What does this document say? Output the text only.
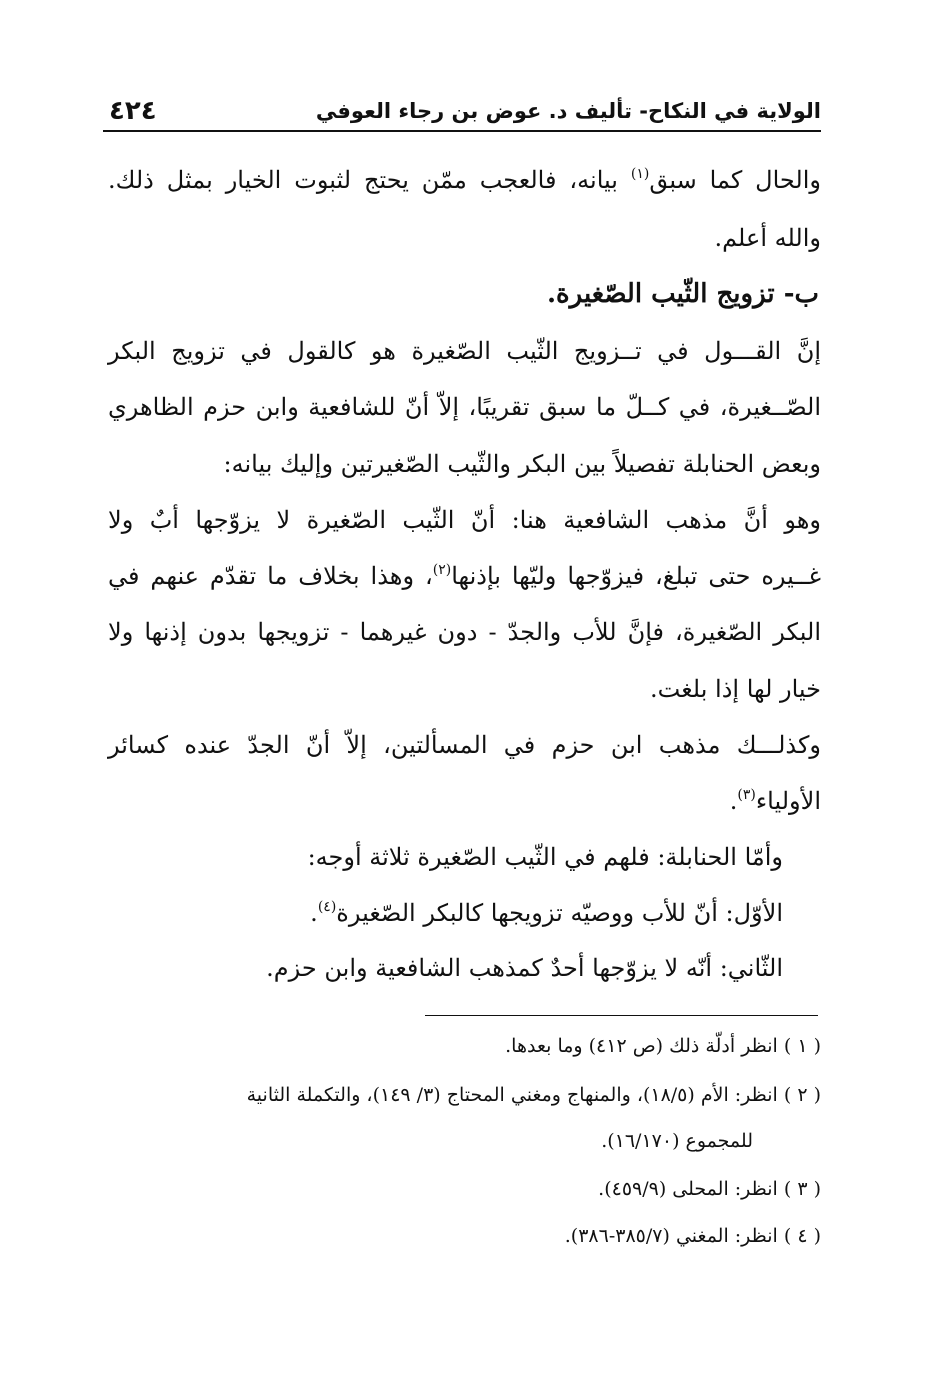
الولاية في النكاح- تأليف د. عوض بن رجاء العوفي
٤٢٤
والحال كما سبق$^{(١)}$ بيانه، فالعجب ممّن يحتج لثبوت الخيار بمثل ذلك.
والله أعلم.
ب- تزويج الثّيب الصّغيرة.
إنَّ القـــول في تــزويج الثّيب الصّغيرة هو كالقول في تزويج البكر
الصّــغيرة، في كــلّ ما سبق تقريبًا، إلاّ أنّ للشافعية وابن حزم الظاهري
وبعض الحنابلة تفصيلاً بين البكر والثّيب الصّغيرتين وإليك بيانه:
وهو أنَّ مذهب الشافعية هنا: أنّ الثّيب الصّغيرة لا يزوّجها أبٌ ولا
غــيره حتى تبلغ، فيزوّجها وليّها بإذنها$^{(٢)}$، وهذا بخلاف ما تقدّم عنهم في
البكر الصّغيرة، فإنَّ للأب والجدّ - دون غيرهما - تزويجها بدون إذنها ولا
خيار لها إذا بلغت.
وكذلـــك مذهب ابن حزم في المسألتين، إلاّ أنّ الجدّ عنده كسائر
الأولياء$^{(٣)}$.
وأمّا الحنابلة: فلهم في الثّيب الصّغيرة ثلاثة أوجه:
الأوّل: أنّ للأب ووصيّه تزويجها كالبكر الصّغيرة$^{(٤)}$.
الثّاني: أنّه لا يزوّجها أحدٌ كمذهب الشافعية وابن حزم.
( ١ ) انظر أدلّة ذلك (ص ٤١٢) وما بعدها.
( ٢ ) انظر: الأم (١٨/٥)، والمنهاج ومغني المحتاج (٣/ ١٤٩)، والتكملة الثانية
للمجموع (١٦/١٧٠).
( ٣ ) انظر: المحلى (٤٥٩/٩).
( ٤ ) انظر: المغني (٣٨٥/٧-٣٨٦).
